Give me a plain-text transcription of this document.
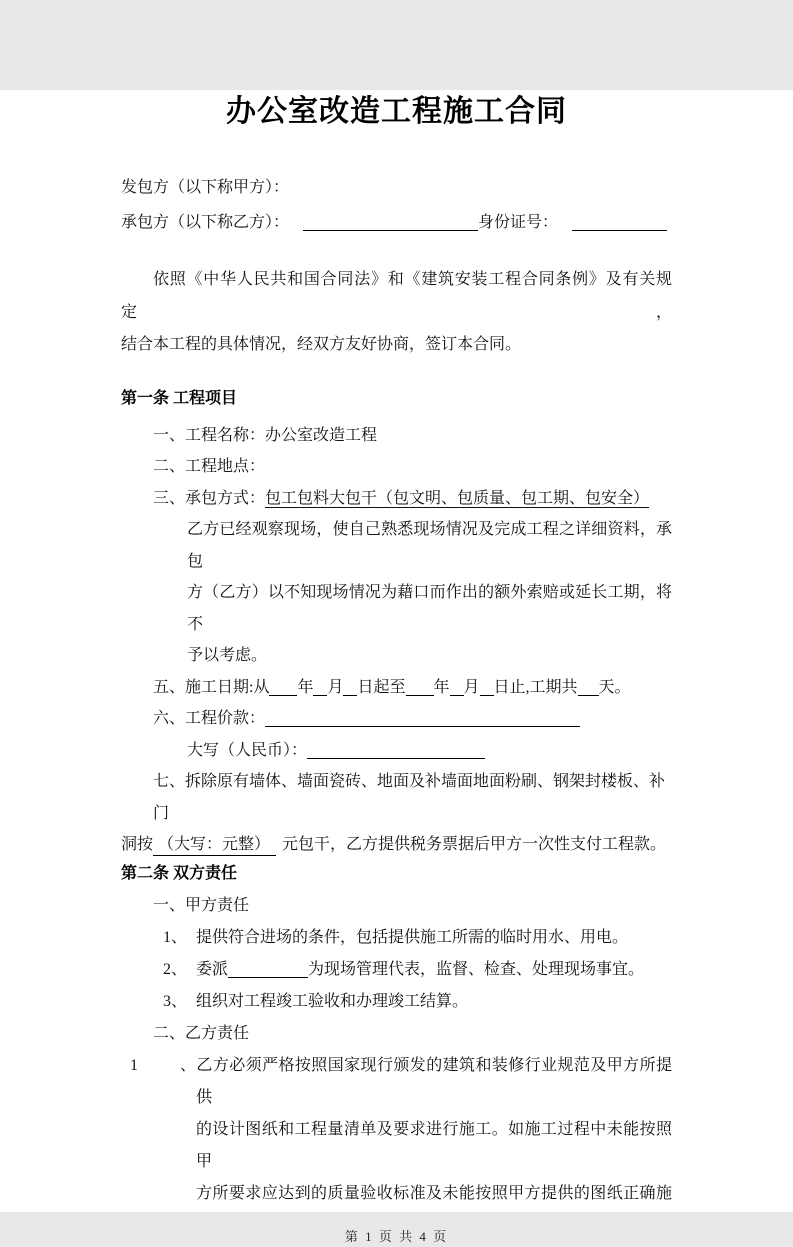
办公室改造工程施工合同
发包方（以下称甲方）：
承包方（以下称乙方）：	身份证号：
依照《中华人民共和国合同法》和《建筑安装工程合同条例》及有关规定，
结合本工程的具体情况，经双方友好协商，签订本合同。
第一条 工程项目
一、工程名称：办公室改造工程
二、工程地点：
三、承包方式：包工包料大包干（包文明、包质量、包工期、包安全）
乙方已经观察现场，使自己熟悉现场情况及完成工程之详细资料，承包
方（乙方）以不知现场情况为藉口而作出的额外索赔或延长工期，将不
予以考虑。
五、施工日期:从 年 月 日起至 年 月 日止,工期共 天。
六、工程价款：
大写（人民币）：
七、拆除原有墙体、墙面瓷砖、地面及补墙面地面粉刷、钢架封楼板、补门
洞按 （大写：元整） 元包干，乙方提供税务票据后甲方一次性支付工程款。
第二条 双方责任
一、甲方责任
1、 提供符合进场的条件，包括提供施工所需的临时用水、用电。
2、 委派	为现场管理代表，监督、检查、处理现场事宜。
3、 组织对工程竣工验收和办理竣工结算。
二、乙方责任
1、乙方必须严格按照国家现行颁发的建筑和装修行业规范及甲方所提供
的设计图纸和工程量清单及要求进行施工。如施工过程中未能按照甲
方所要求应达到的质量验收标准及未能按照甲方提供的图纸正确施
第 1 页 共 4 页
